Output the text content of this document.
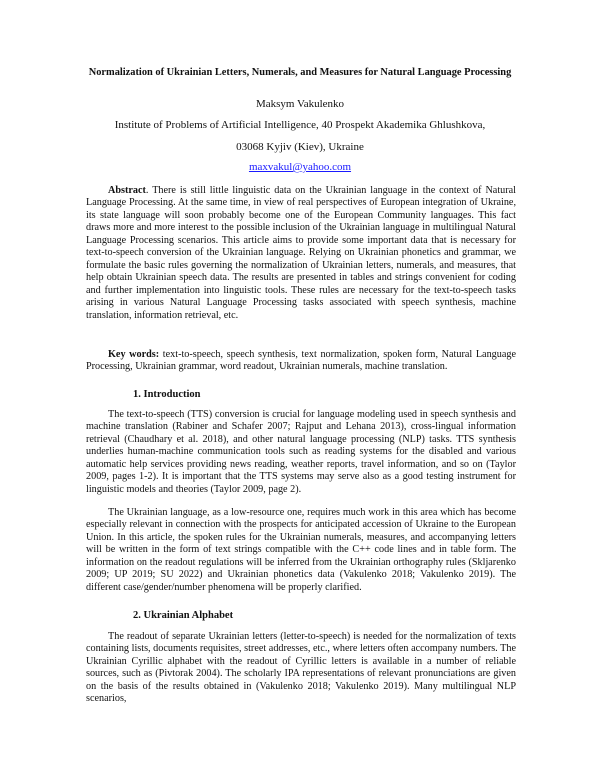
Normalization of Ukrainian Letters, Numerals, and Measures for Natural Language Processing
Maksym Vakulenko
Institute of Problems of Artificial Intelligence, 40 Prospekt Akademika Ghlushkova,
03068 Kyjiv (Kiev), Ukraine
maxvakul@yahoo.com

Abstract. There is still little linguistic data on the Ukrainian language in the context of Natural Language Processing. At the same time, in view of real perspectives of European integration of Ukraine, its state language will soon probably become one of the European Community languages. This fact draws more and more interest to the possible inclusion of the Ukrainian language in multilingual Natural Language Processing scenarios. This article aims to provide some important data that is necessary for text-to-speech conversion of the Ukrainian language. Relying on Ukrainian phonetics and grammar, we formulate the basic rules governing the normalization of Ukrainian letters, numerals, and measures, that help obtain Ukrainian speech data. The results are presented in tables and strings convenient for coding and further implementation into linguistic tools. These rules are necessary for the text-to-speech tasks arising in various Natural Language Processing tasks associated with speech synthesis, machine translation, information retrieval, etc.

Key words: text-to-speech, speech synthesis, text normalization, spoken form, Natural Language Processing, Ukrainian grammar, word readout, Ukrainian numerals, machine translation.

1. Introduction

The text-to-speech (TTS) conversion is crucial for language modeling used in speech synthesis and machine translation (Rabiner and Schafer 2007; Rajput and Lehana 2013), cross-lingual information retrieval (Chaudhary et al. 2018), and other natural language processing (NLP) tasks. TTS synthesis underlies human-machine communication tools such as reading systems for the disabled and various automatic help services providing news reading, weather reports, travel information, and so on (Taylor 2009, pages 1-2). It is important that the TTS systems may serve also as a good testing instrument for linguistic models and theories (Taylor 2009, page 2).

The Ukrainian language, as a low-resource one, requires much work in this area which has become especially relevant in connection with the prospects for anticipated accession of Ukraine to the European Union. In this article, the spoken rules for the Ukrainian numerals, measures, and accompanying letters will be written in the form of text strings compatible with the C++ code lines and in table form. The information on the readout regulations will be inferred from the Ukrainian orthography rules (Skljarenko 2009; UP 2019; SU 2022) and Ukrainian phonetics data (Vakulenko 2018; Vakulenko 2019). The different case/gender/number phenomena will be properly clarified.

2. Ukrainian Alphabet

The readout of separate Ukrainian letters (letter-to-speech) is needed for the normalization of texts containing lists, documents requisites, street addresses, etc., where letters often accompany numbers. The Ukrainian Cyrillic alphabet with the readout of Cyrillic letters is available in a number of reliable sources, such as (Pivtorak 2004). The scholarly IPA representations of relevant pronunciations are given on the basis of the results obtained in (Vakulenko 2018; Vakulenko 2019). Many multilingual NLP scenarios,
